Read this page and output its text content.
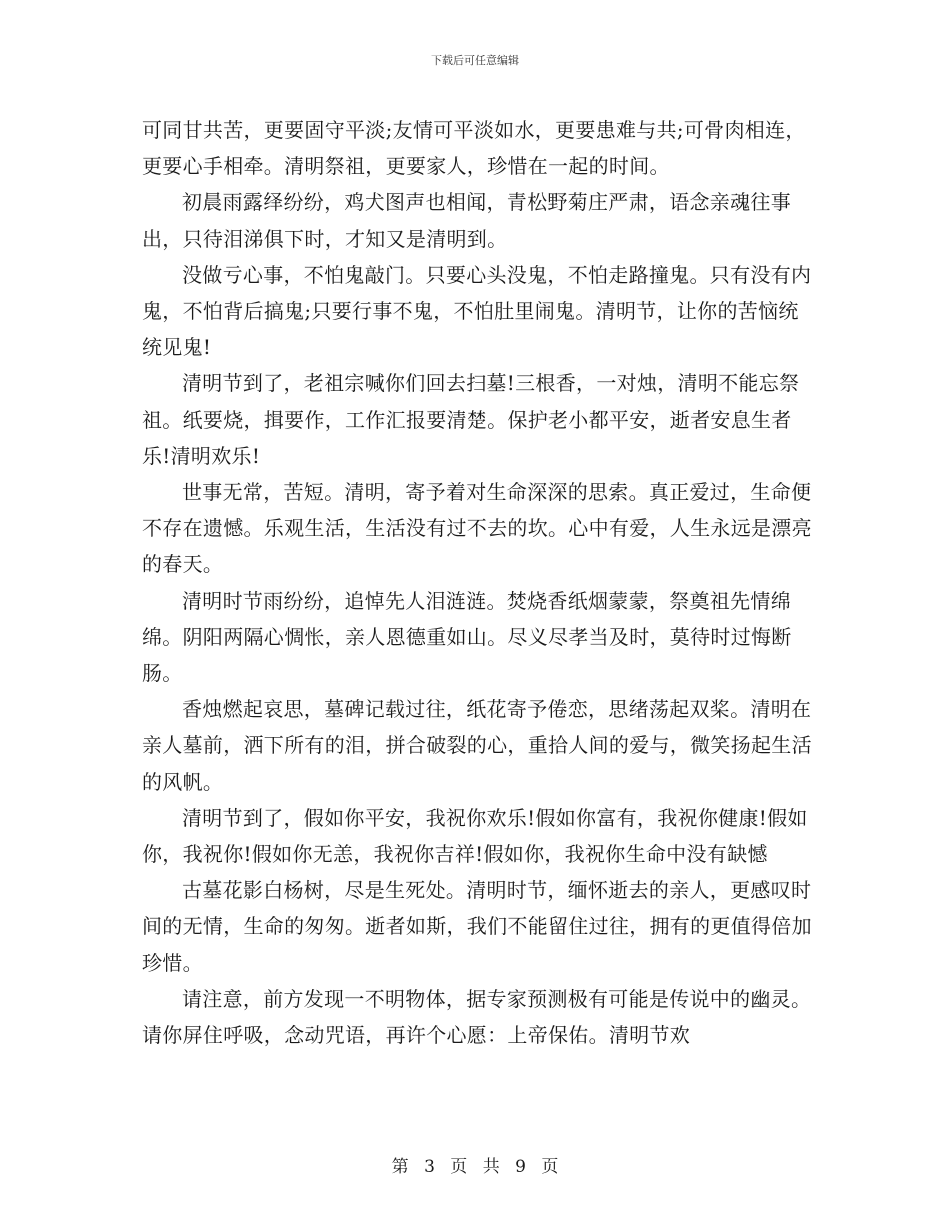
下载后可任意编辑

可同甘共苦，更要固守平淡;友情可平淡如水，更要患难与共;可骨肉相连，更要心手相牵。清明祭祖，更要家人，珍惜在一起的时间。

初晨雨露绎纷纷，鸡犬图声也相闻，青松野菊庄严肃，语念亲魂往事出，只待泪涕俱下时，才知又是清明到。

没做亏心事，不怕鬼敲门。只要心头没鬼，不怕走路撞鬼。只有没有内鬼，不怕背后搞鬼;只要行事不鬼，不怕肚里闹鬼。清明节，让你的苦恼统统见鬼!

清明节到了，老祖宗喊你们回去扫墓!三根香，一对烛，清明不能忘祭祖。纸要烧，揖要作，工作汇报要清楚。保护老小都平安，逝者安息生者乐!清明欢乐!

世事无常，苦短。清明，寄予着对生命深深的思索。真正爱过，生命便不存在遗憾。乐观生活，生活没有过不去的坎。心中有爱，人生永远是漂亮的春天。

清明时节雨纷纷，追悼先人泪涟涟。焚烧香纸烟蒙蒙，祭奠祖先情绵绵。阴阳两隔心惆怅，亲人恩德重如山。尽义尽孝当及时，莫待时过悔断肠。

香烛燃起哀思，墓碑记载过往，纸花寄予倦恋，思绪荡起双桨。清明在亲人墓前，洒下所有的泪，拼合破裂的心，重拾人间的爱与，微笑扬起生活的风帆。

清明节到了，假如你平安，我祝你欢乐!假如你富有，我祝你健康!假如你，我祝你!假如你无恙，我祝你吉祥!假如你，我祝你生命中没有缺憾

古墓花影白杨树，尽是生死处。清明时节，缅怀逝去的亲人，更感叹时间的无情，生命的匆匆。逝者如斯，我们不能留住过往，拥有的更值得倍加珍惜。

请注意，前方发现一不明物体，据专家预测极有可能是传说中的幽灵。请你屏住呼吸，念动咒语，再许个心愿：上帝保佑。清明节欢

第 3 页 共 9 页
